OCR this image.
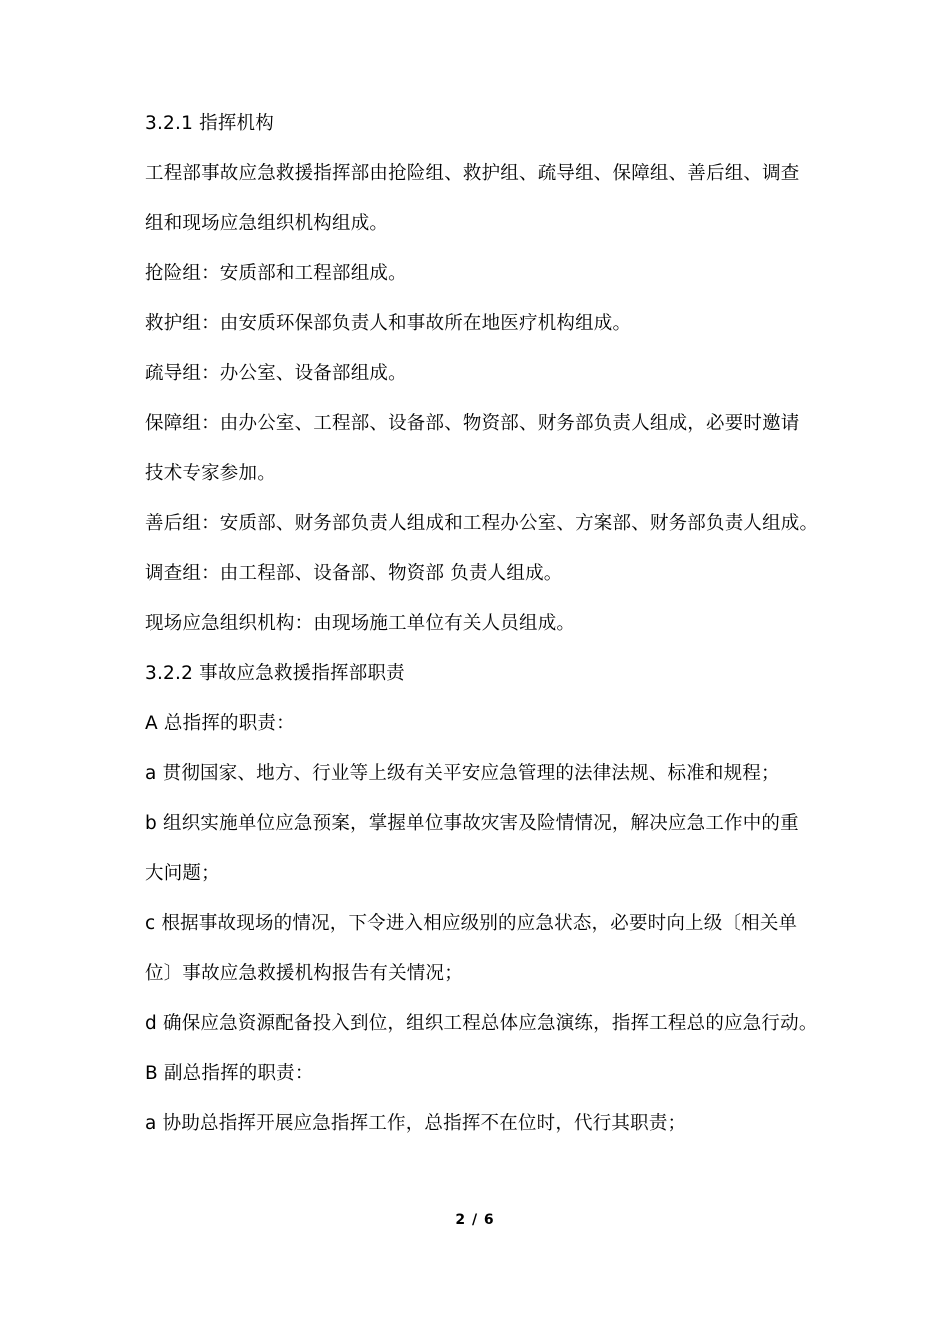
3.2.1 指挥机构
工程部事故应急救援指挥部由抢险组、救护组、疏导组、保障组、善后组、调查
组和现场应急组织机构组成。
抢险组：安质部和工程部组成。
救护组：由安质环保部负责人和事故所在地医疗机构组成。
疏导组：办公室、设备部组成。
保障组：由办公室、工程部、设备部、物资部、财务部负责人组成，必要时邀请
技术专家参加。
善后组：安质部、财务部负责人组成和工程办公室、方案部、财务部负责人组成。
调查组：由工程部、设备部、物资部 负责人组成。
现场应急组织机构：由现场施工单位有关人员组成。
3.2.2 事故应急救援指挥部职责
A 总指挥的职责：
a 贯彻国家、地方、行业等上级有关平安应急管理的法律法规、标准和规程；
b 组织实施单位应急预案，掌握单位事故灾害及险情情况，解决应急工作中的重
大问题；
c 根据事故现场的情况，下令进入相应级别的应急状态，必要时向上级〔相关单
位〕事故应急救援机构报告有关情况；
d 确保应急资源配备投入到位，组织工程总体应急演练，指挥工程总的应急行动。
B 副总指挥的职责：
a 协助总指挥开展应急指挥工作，总指挥不在位时，代行其职责；
2 / 6
